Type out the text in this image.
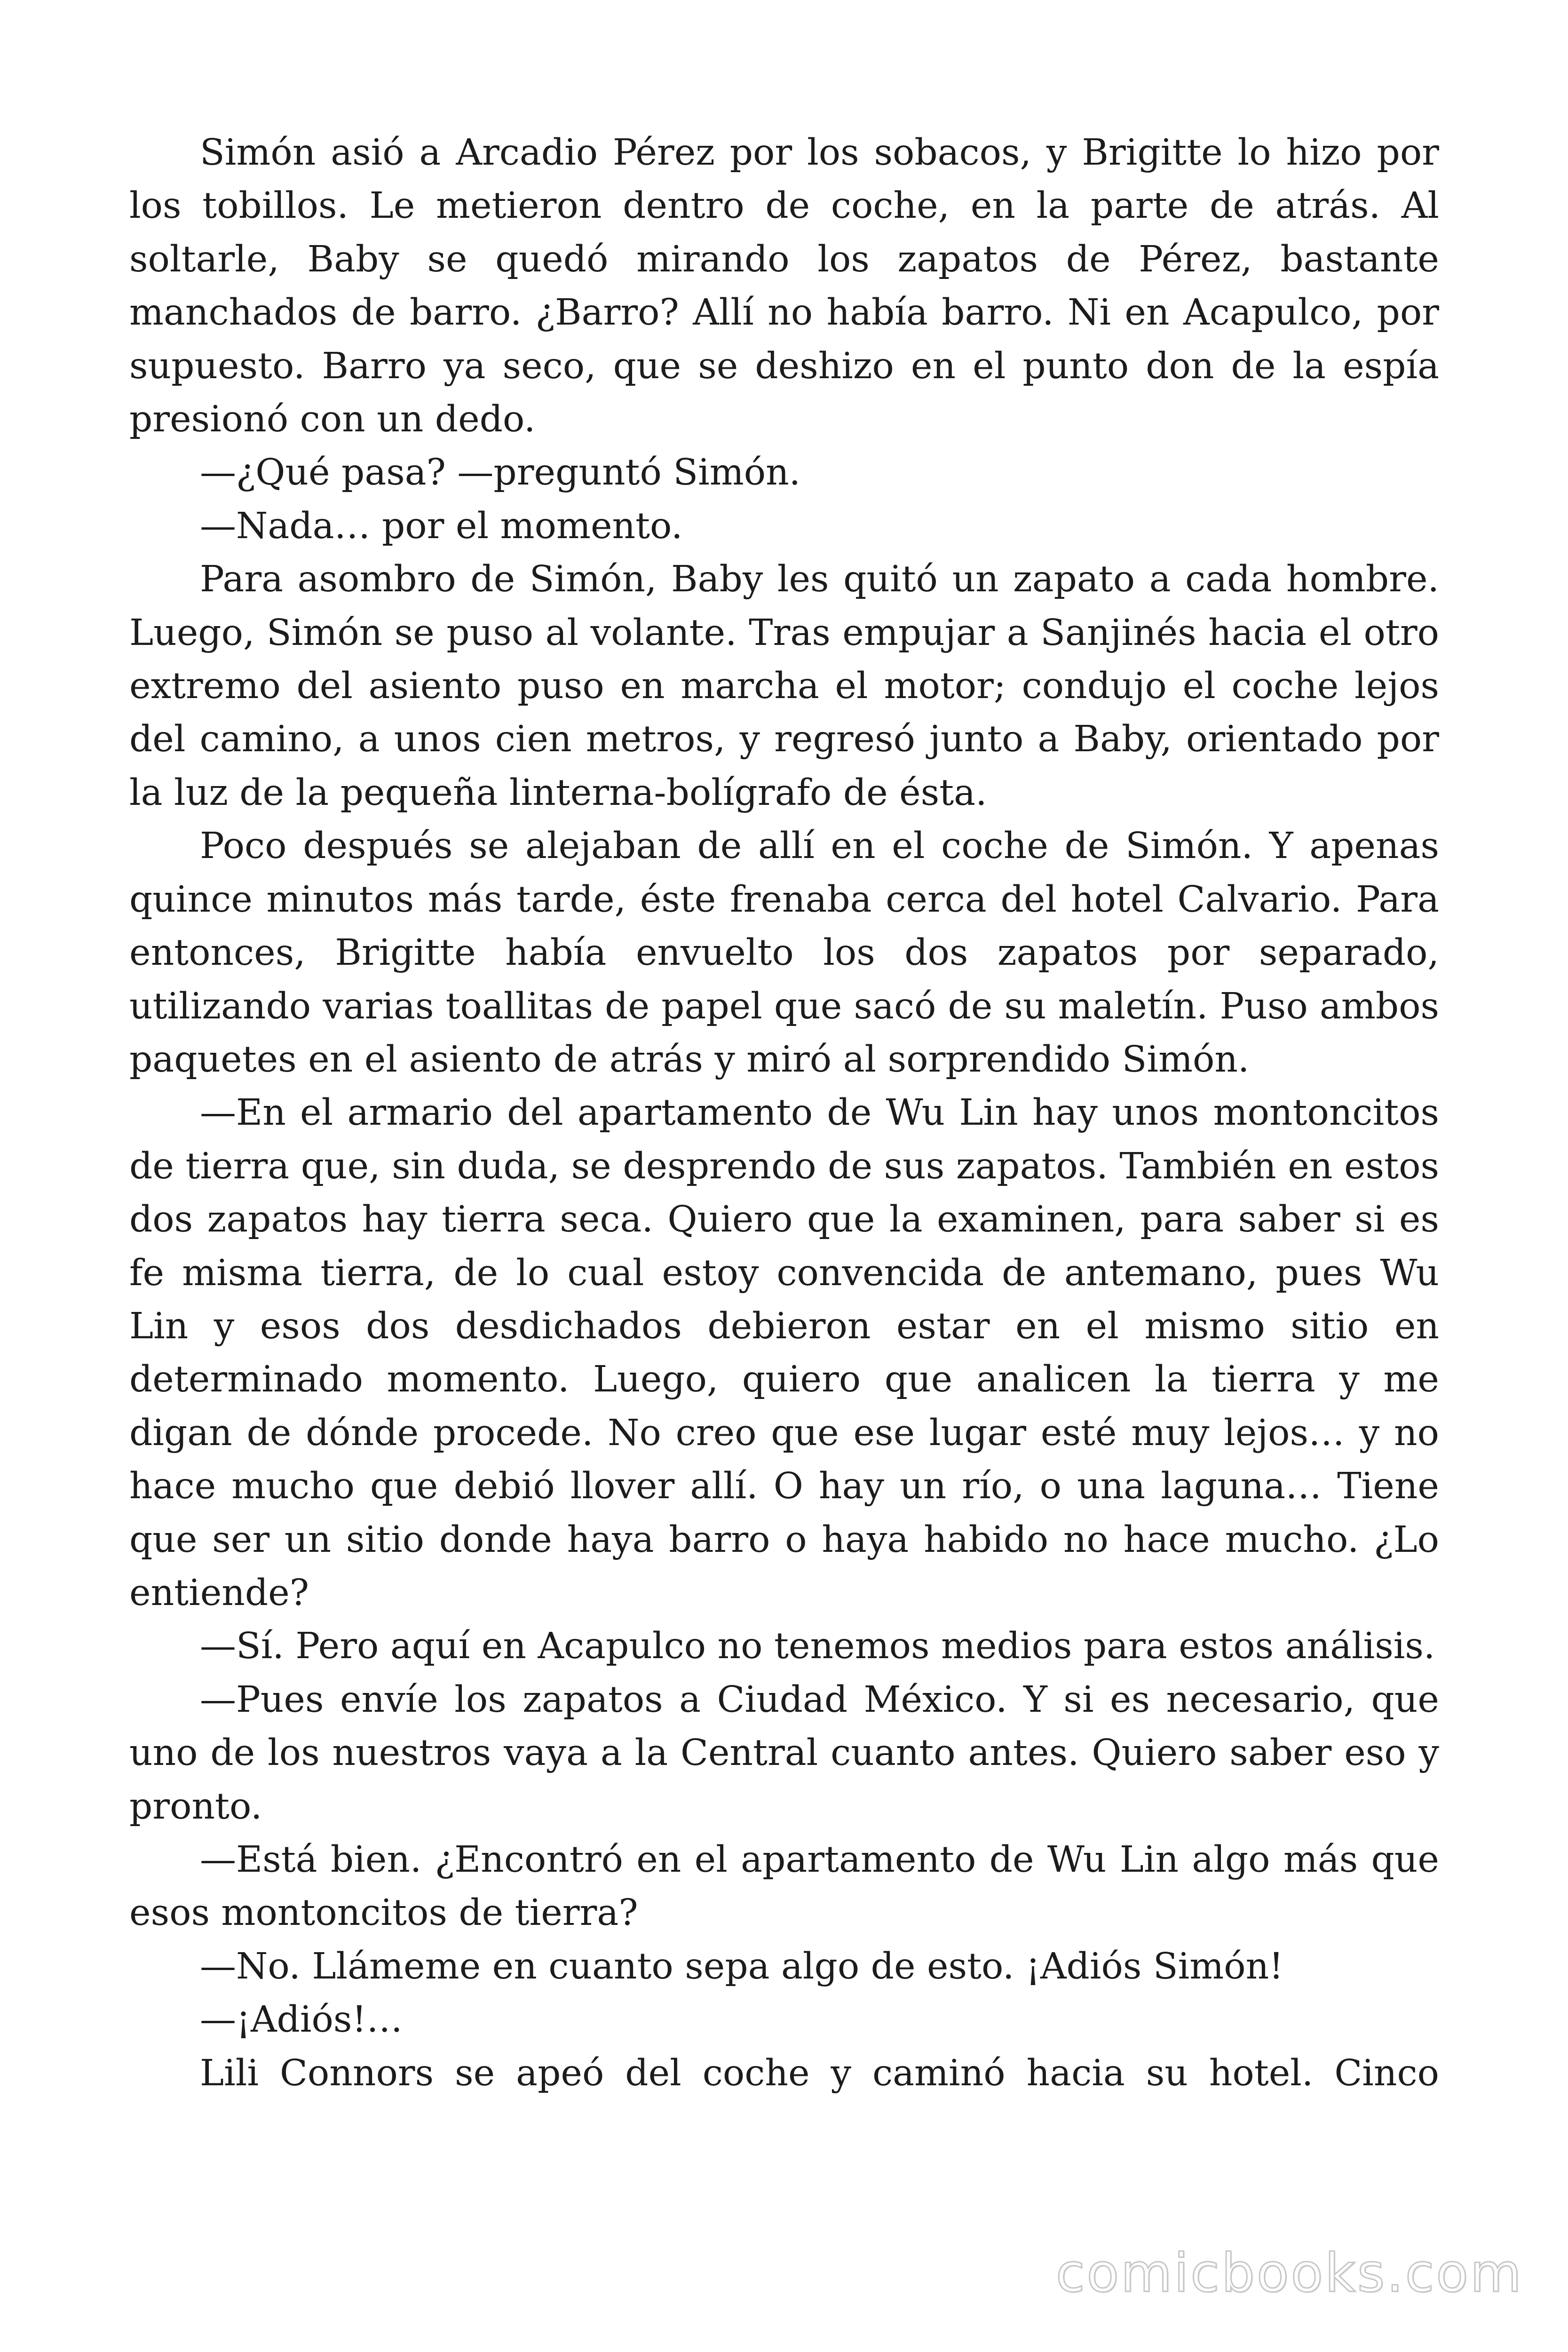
Simón asió a Arcadio Pérez por los sobacos, y Brigitte lo hizo por los tobillos. Le metieron dentro de coche, en la parte de atrás. Al soltarle, Baby se quedó mirando los zapatos de Pérez, bastante manchados de barro. ¿Barro? Allí no había barro. Ni en Acapulco, por supuesto. Barro ya seco, que se deshizo en el punto don de la espía presionó con un dedo.

—¿Qué pasa? —preguntó Simón.

—Nada… por el momento.

Para asombro de Simón, Baby les quitó un zapato a cada hombre. Luego, Simón se puso al volante. Tras empujar a Sanjinés hacia el otro extremo del asiento puso en marcha el motor; condujo el coche lejos del camino, a unos cien metros, y regresó junto a Baby, orientado por la luz de la pequeña linterna-bolígrafo de ésta.

Poco después se alejaban de allí en el coche de Simón. Y apenas quince minutos más tarde, éste frenaba cerca del hotel Calvario. Para entonces, Brigitte había envuelto los dos zapatos por separado, utilizando varias toallitas de papel que sacó de su maletín. Puso ambos paquetes en el asiento de atrás y miró al sorprendido Simón.

—En el armario del apartamento de Wu Lin hay unos montoncitos de tierra que, sin duda, se desprendo de sus zapatos. También en estos dos zapatos hay tierra seca. Quiero que la examinen, para saber si es fe misma tierra, de lo cual estoy convencida de antemano, pues Wu Lin y esos dos desdichados debieron estar en el mismo sitio en determinado momento. Luego, quiero que analicen la tierra y me digan de dónde procede. No creo que ese lugar esté muy lejos… y no hace mucho que debió llover allí. O hay un río, o una laguna… Tiene que ser un sitio donde haya barro o haya habido no hace mucho. ¿Lo entiende?

—Sí. Pero aquí en Acapulco no tenemos medios para estos análisis.

—Pues envíe los zapatos a Ciudad México. Y si es necesario, que uno de los nuestros vaya a la Central cuanto antes. Quiero saber eso y pronto.

—Está bien. ¿Encontró en el apartamento de Wu Lin algo más que esos montoncitos de tierra?

—No. Llámeme en cuanto sepa algo de esto. ¡Adiós Simón!

—¡Adiós!…

Lili Connors se apeó del coche y caminó hacia su hotel. Cinco

comicbooks.com
